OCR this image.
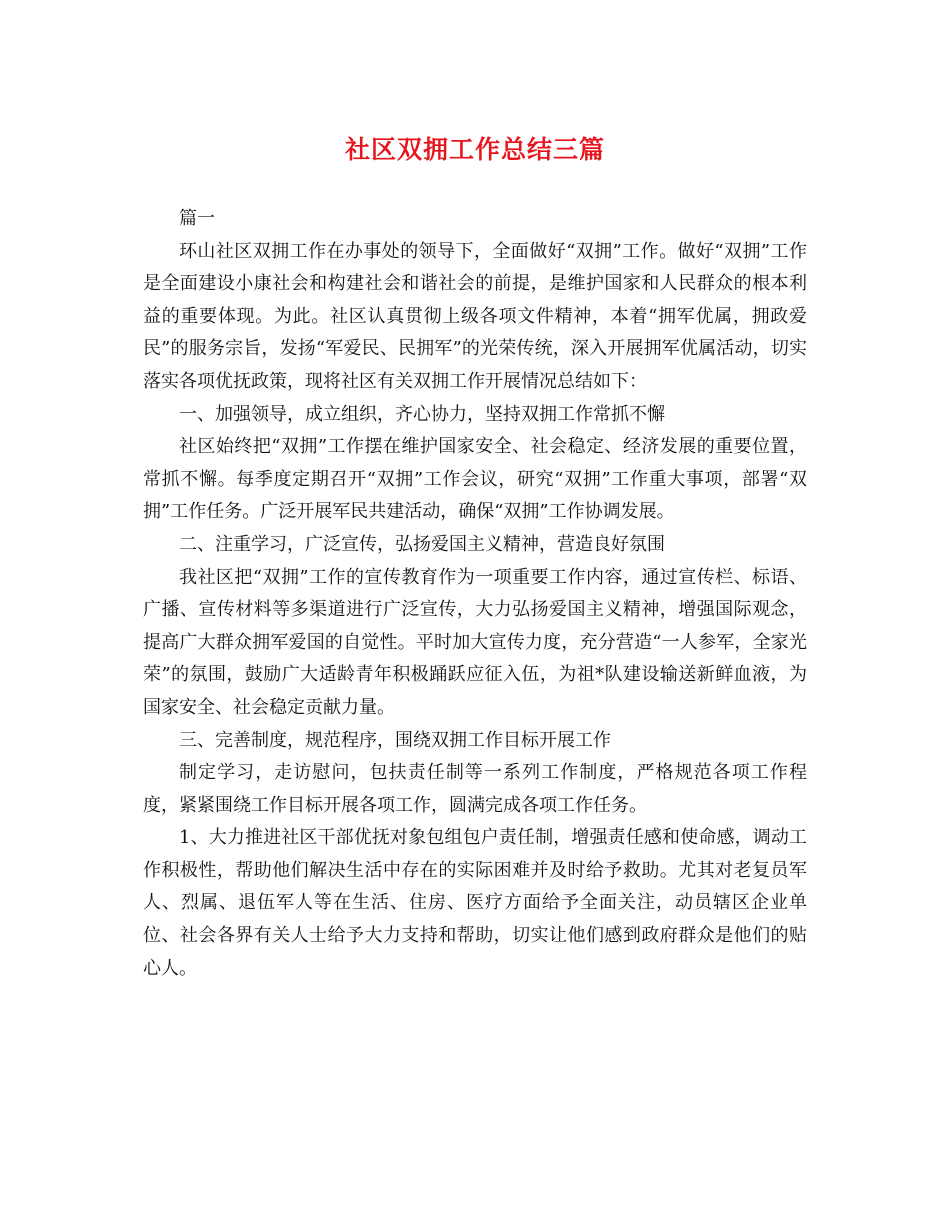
社区双拥工作总结三篇

篇一

环山社区双拥工作在办事处的领导下，全面做好“双拥”工作。做好“双拥”工作是全面建设小康社会和构建社会和谐社会的前提，是维护国家和人民群众的根本利益的重要体现。为此。社区认真贯彻上级各项文件精神，本着“拥军优属，拥政爱民”的服务宗旨，发扬“军爱民、民拥军”的光荣传统，深入开展拥军优属活动，切实落实各项优抚政策，现将社区有关双拥工作开展情况总结如下：

一、加强领导，成立组织，齐心协力，坚持双拥工作常抓不懈

社区始终把“双拥”工作摆在维护国家安全、社会稳定、经济发展的重要位置，常抓不懈。每季度定期召开“双拥”工作会议，研究“双拥”工作重大事项，部署“双拥”工作任务。广泛开展军民共建活动，确保“双拥”工作协调发展。

二、注重学习，广泛宣传，弘扬爱国主义精神，营造良好氛围

我社区把“双拥”工作的宣传教育作为一项重要工作内容，通过宣传栏、标语、广播、宣传材料等多渠道进行广泛宣传，大力弘扬爱国主义精神，增强国际观念，提高广大群众拥军爱国的自觉性。平时加大宣传力度，充分营造“一人参军，全家光荣”的氛围，鼓励广大适龄青年积极踊跃应征入伍，为祖*队建设输送新鲜血液，为国家安全、社会稳定贡献力量。

三、完善制度，规范程序，围绕双拥工作目标开展工作

制定学习，走访慰问，包扶责任制等一系列工作制度，严格规范各项工作程度，紧紧围绕工作目标开展各项工作，圆满完成各项工作任务。

1、大力推进社区干部优抚对象包组包户责任制，增强责任感和使命感，调动工作积极性，帮助他们解决生活中存在的实际困难并及时给予救助。尤其对老复员军人、烈属、退伍军人等在生活、住房、医疗方面给予全面关注，动员辖区企业单位、社会各界有关人士给予大力支持和帮助，切实让他们感到政府群众是他们的贴心人。
